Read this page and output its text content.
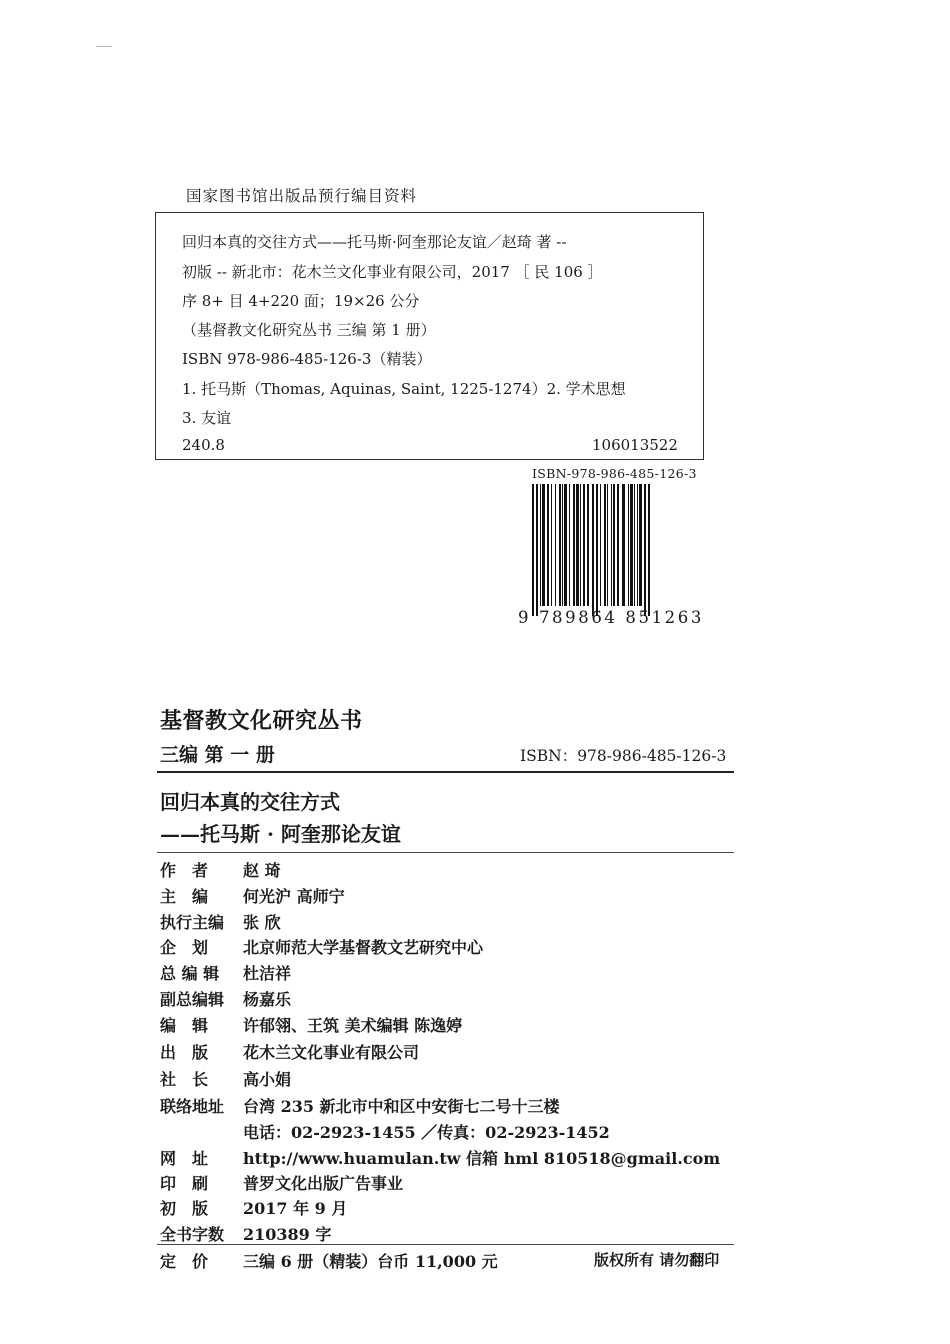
国家图书馆出版品预行编目资料
回归本真的交往方式——托马斯·阿奎那论友谊／赵琦 著 --
初版 -- 新北市：花木兰文化事业有限公司，2017 ［ 民 106 ］
序 8+ 目 4+220 面；19×26 公分
（基督教文化研究丛书 三编 第 1 册）
ISBN 978-986-485-126-3（精装）
1. 托马斯（Thomas, Aquinas, Saint, 1225-1274）2. 学术思想
3. 友谊
240.8	106013522
ISBN-978-986-485-126-3
9 789864 851263
基督教文化研究丛书
三编 第 一 册	ISBN：978-986-485-126-3
回归本真的交往方式
——托马斯 · 阿奎那论友谊
作　者 赵 琦
主　编 何光沪 高师宁
执行主编 张 欣
企　划 北京师范大学基督教文艺研究中心
总 编 辑 杜洁祥
副总编辑 杨嘉乐
编　辑 许郁翎、王筑 美术编辑 陈逸婷
出　版 花木兰文化事业有限公司
社　长 高小娟
联络地址 台湾 235 新北市中和区中安街七二号十三楼
电话：02-2923-1455 ／传真：02-2923-1452
网　址 http://www.huamulan.tw 信箱 hml 810518@gmail.com
印　刷 普罗文化出版广告事业
初　版 2017 年 9 月
全书字数 210389 字
定　价 三编 6 册（精装）台币 11,000 元	版权所有 请勿翻印
